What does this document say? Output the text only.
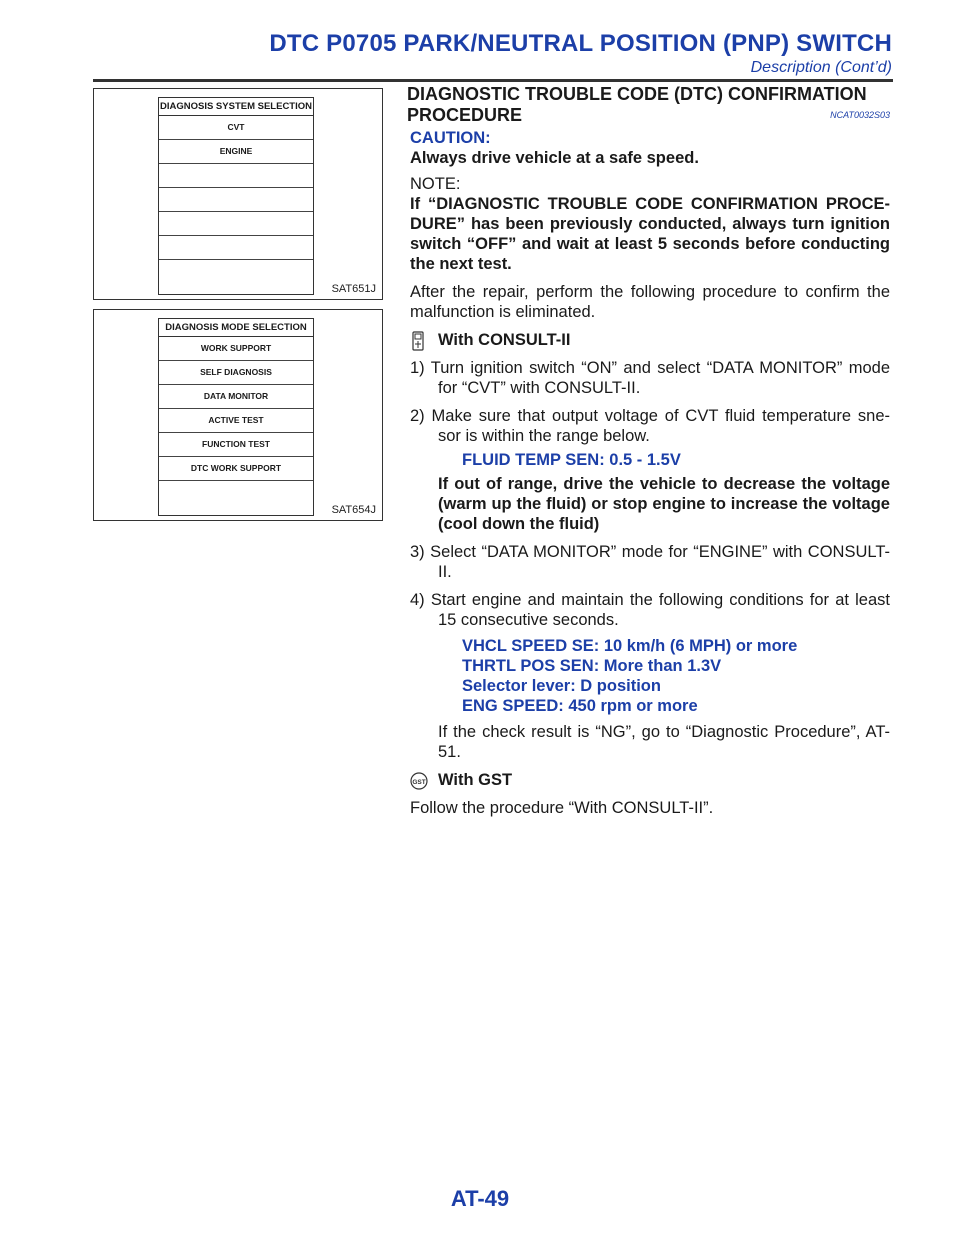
DTC P0705 PARK/NEUTRAL POSITION (PNP) SWITCH
Description (Cont’d)
DIAGNOSIS SYSTEM SELECTION
CVT
ENGINE
SAT651J
DIAGNOSIS MODE SELECTION
WORK SUPPORT
SELF DIAGNOSIS
DATA MONITOR
ACTIVE TEST
FUNCTION TEST
DTC WORK SUPPORT
SAT654J
DIAGNOSTIC TROUBLE CODE (DTC) CONFIRMATION PROCEDURE	NCAT0032S03
CAUTION:
Always drive vehicle at a safe speed.
NOTE:
If “DIAGNOSTIC TROUBLE CODE CONFIRMATION PROCE- DURE” has been previously conducted, always turn ignition switch “OFF” and wait at least 5 seconds before conducting the next test.
After the repair, perform the following procedure to confirm the malfunction is eliminated.
With CONSULT-II
1) Turn ignition switch “ON” and select “DATA MONITOR” mode for “CVT” with CONSULT-II.
2) Make sure that output voltage of CVT fluid temperature sne- sor is within the range below.
FLUID TEMP SEN: 0.5 - 1.5V
If out of range, drive the vehicle to decrease the voltage (warm up the fluid) or stop engine to increase the voltage (cool down the fluid)
3) Select “DATA MONITOR” mode for “ENGINE” with CONSULT- II.
4) Start engine and maintain the following conditions for at least 15 consecutive seconds.
VHCL SPEED SE: 10 km/h (6 MPH) or more
THRTL POS SEN: More than 1.3V
Selector lever: D position
ENG SPEED: 450 rpm or more
If the check result is “NG”, go to “Diagnostic Procedure”, AT-51.
GST With GST
Follow the procedure “With CONSULT-II”.
AT-49
